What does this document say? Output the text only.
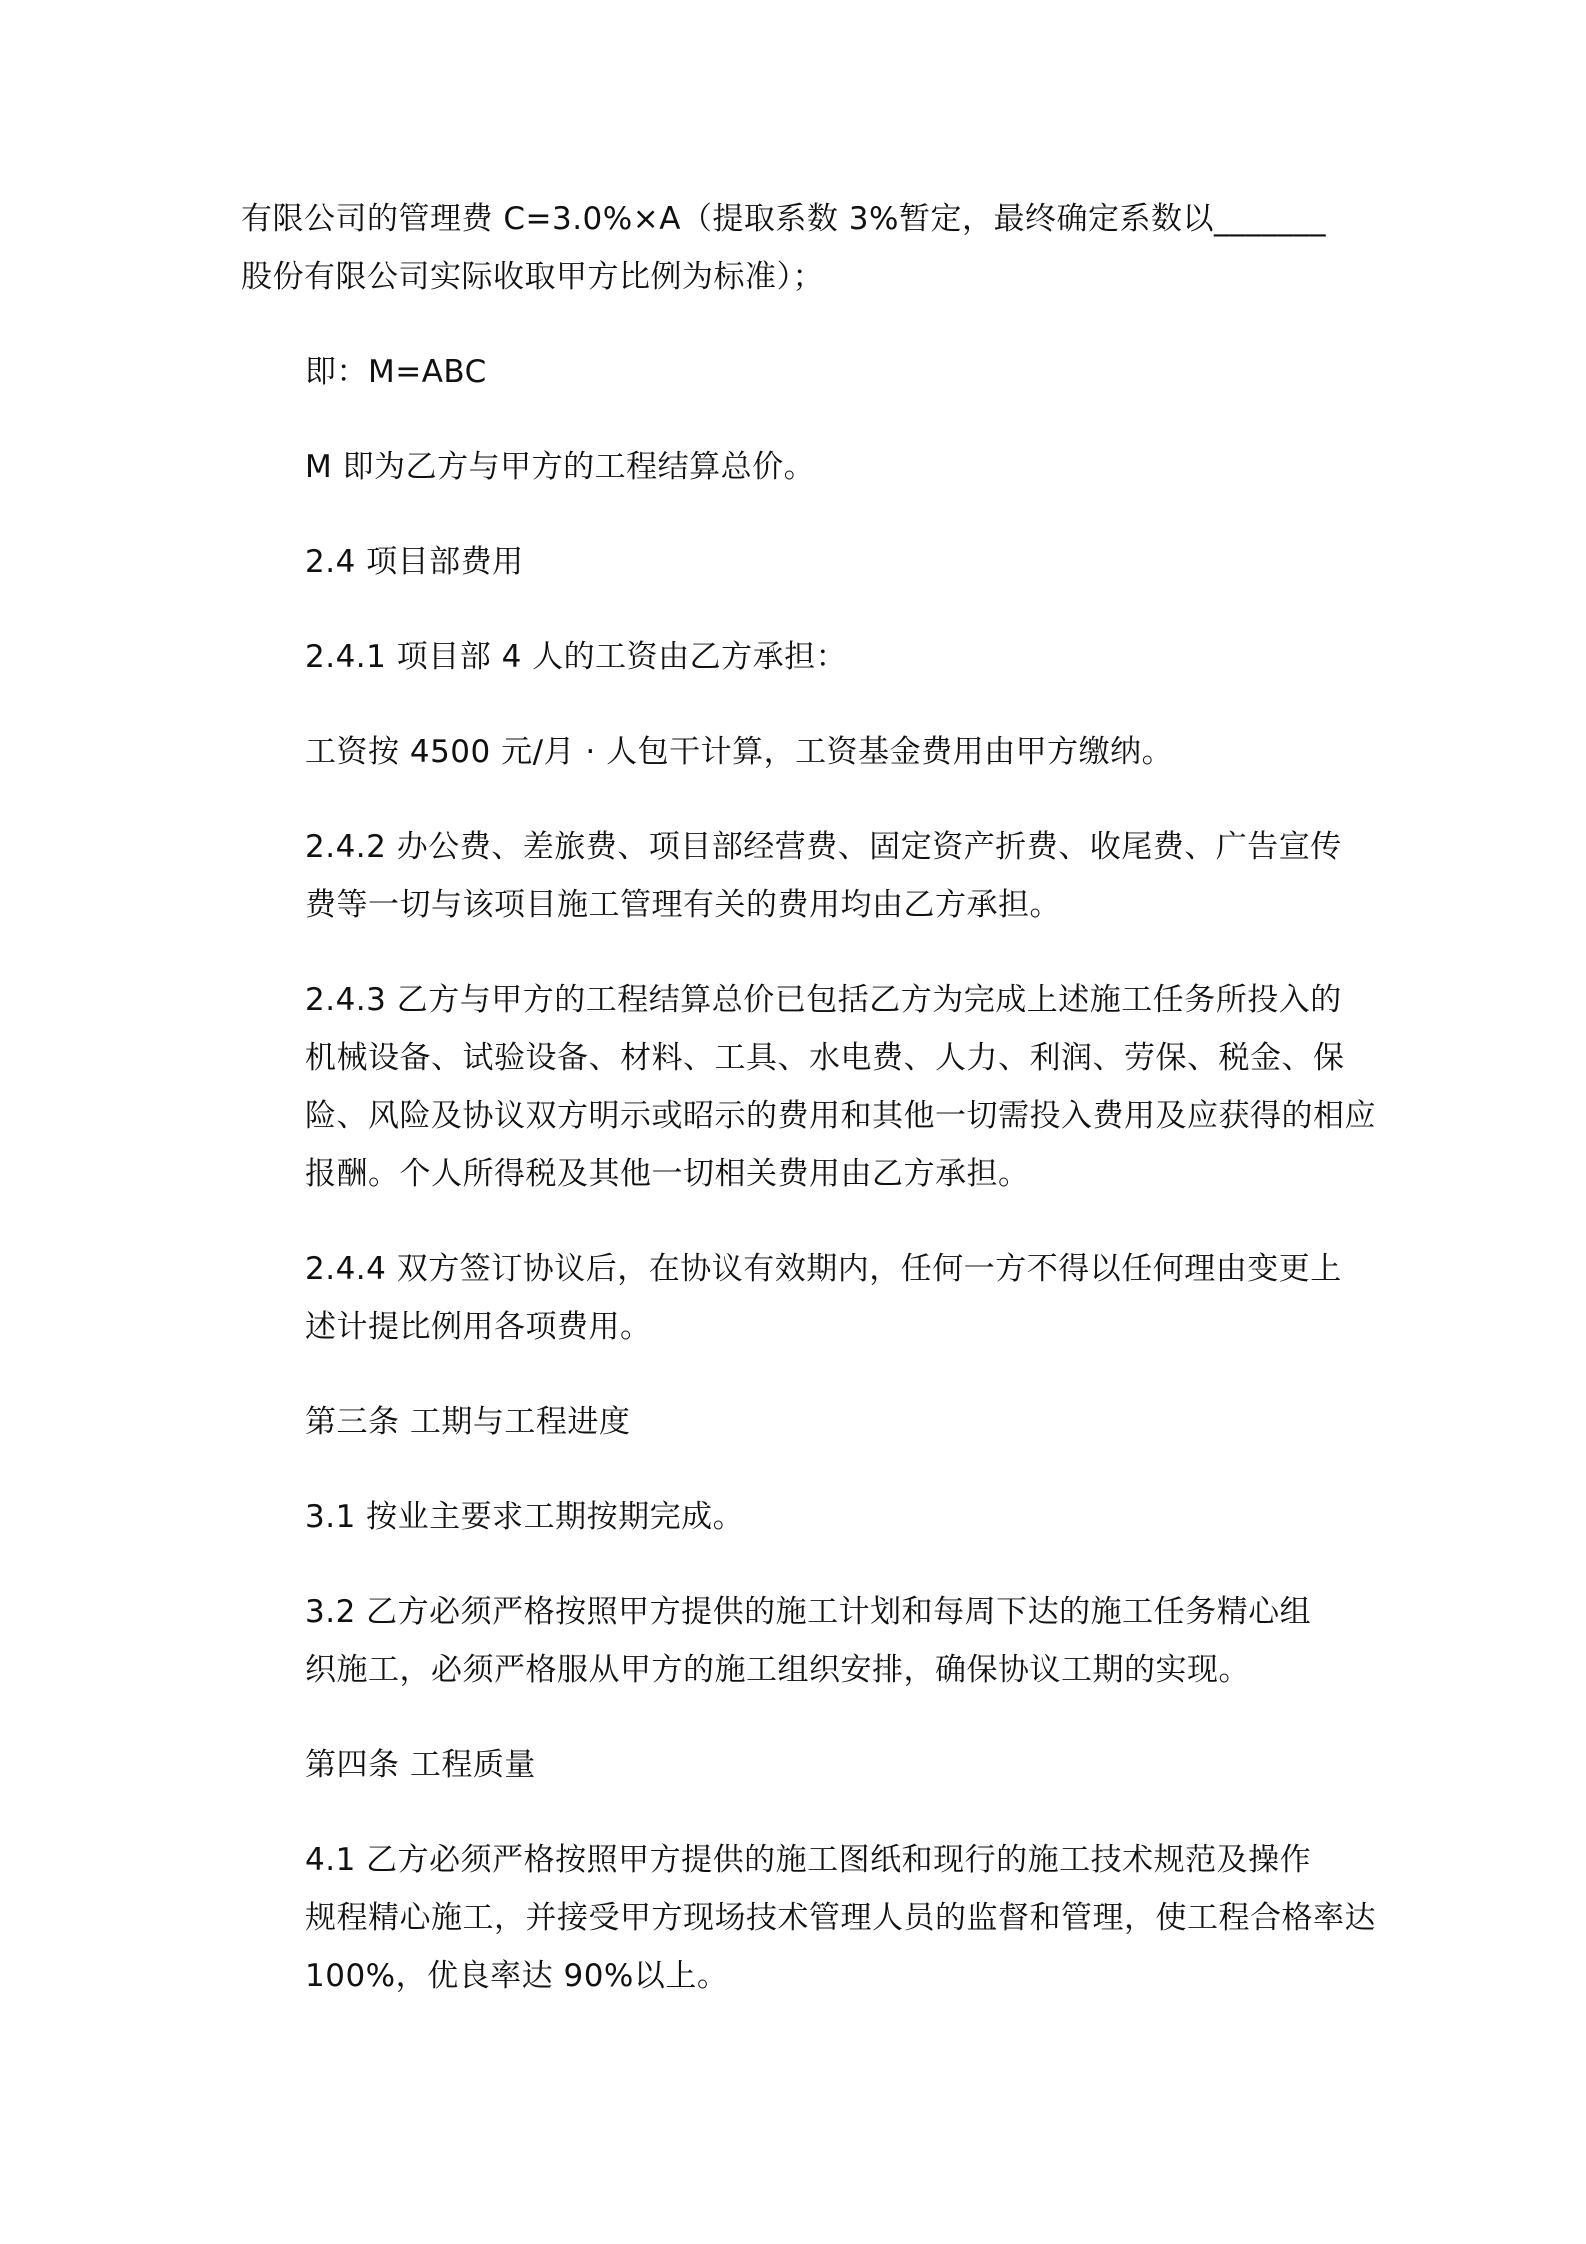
有限公司的管理费 C=3.0%×A（提取系数 3%暂定，最终确定系数以_______
股份有限公司实际收取甲方比例为标准）；

即：M=ABC

M 即为乙方与甲方的工程结算总价。

2.4 项目部费用

2.4.1 项目部 4 人的工资由乙方承担：

工资按 4500 元/月 · 人包干计算，工资基金费用由甲方缴纳。

2.4.2 办公费、差旅费、项目部经营费、固定资产折费、收尾费、广告宣传
费等一切与该项目施工管理有关的费用均由乙方承担。

2.4.3 乙方与甲方的工程结算总价已包括乙方为完成上述施工任务所投入的
机械设备、试验设备、材料、工具、水电费、人力、利润、劳保、税金、保
险、风险及协议双方明示或昭示的费用和其他一切需投入费用及应获得的相应
报酬。个人所得税及其他一切相关费用由乙方承担。

2.4.4 双方签订协议后，在协议有效期内，任何一方不得以任何理由变更上
述计提比例用各项费用。

第三条 工期与工程进度

3.1 按业主要求工期按期完成。

3.2 乙方必须严格按照甲方提供的施工计划和每周下达的施工任务精心组
织施工，必须严格服从甲方的施工组织安排，确保协议工期的实现。

第四条 工程质量

4.1 乙方必须严格按照甲方提供的施工图纸和现行的施工技术规范及操作
规程精心施工，并接受甲方现场技术管理人员的监督和管理，使工程合格率达
100%，优良率达 90%以上。
